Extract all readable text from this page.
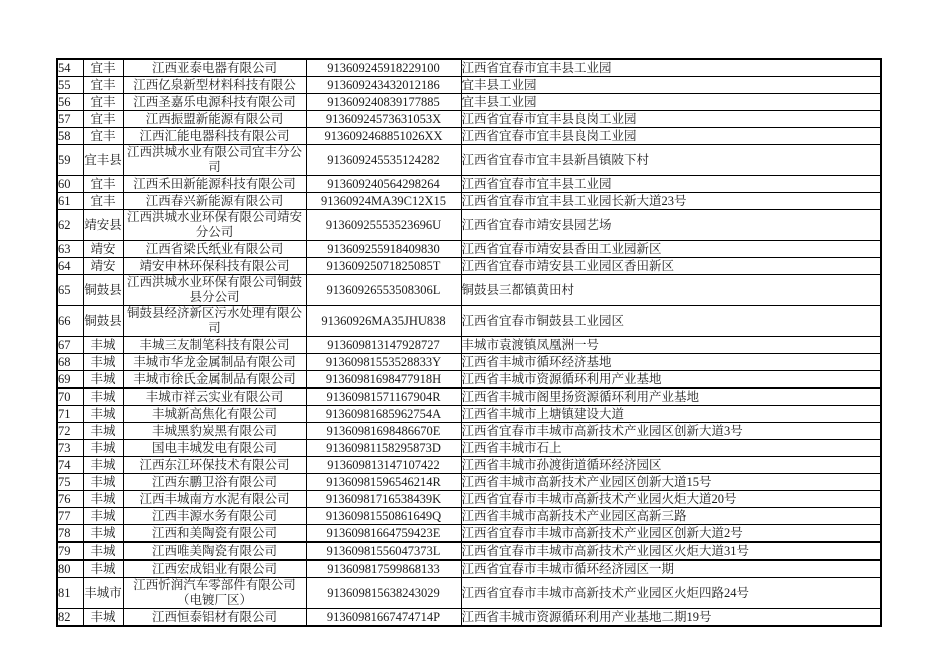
54	宜丰	江西亚泰电器有限公司	913609245918229100	江西省宜春市宜丰县工业园
55	宜丰	江西亿泉新型材料科技有限公	913609243432012186	宜丰县工业园
56	宜丰	江西圣嘉乐电源科技有限公司	913609240839177885	宜丰县工业园
57	宜丰	江西振盟新能源有限公司	91360924573631053X	江西省宜春市宜丰县良岗工业园
58	宜丰	江西汇能电器科技有限公司	9136092468851026XX	江西省宜春市宜丰县良岗工业园
59	宜丰县	江西洪城水业有限公司宜丰分公司	913609245535124282	江西省宜春市宜丰县新昌镇陂下村
60	宜丰	江西禾田新能源科技有限公司	913609240564298264	江西省宜春市宜丰县工业园
61	宜丰	江西春兴新能源有限公司	91360924MA39C12X15	江西省宜春市宜丰县工业园长新大道23号
62	靖安县	江西洪城水业环保有限公司靖安分公司	91360925553523696U	江西省宜春市靖安县园艺场
63	靖安	江西省梁氏纸业有限公司	913609255918409830	江西省宜春市靖安县香田工业园新区
64	靖安	靖安申林环保科技有限公司	91360925071825085T	江西省宜春市靖安县工业园区香田新区
65	铜鼓县	江西洪城水业环保有限公司铜鼓县分公司	91360926553508306L	铜鼓县三都镇黄田村
66	铜鼓县	铜鼓县经济新区污水处理有限公司	91360926MA35JHU838	江西省宜春市铜鼓县工业园区
67	丰城	丰城三友制笔科技有限公司	913609813147928727	丰城市袁渡镇凤凰洲一号
68	丰城	丰城市华龙金属制品有限公司	91360981553528833Y	江西省丰城市循环经济基地
69	丰城	丰城市徐氏金属制品有限公司	91360981698477918H	江西省丰城市资源循环利用产业基地
70	丰城	丰城市祥云实业有限公司	91360981571167904R	江西省丰城市阁里扬资源循环利用产业基地
71	丰城	丰城新高焦化有限公司	91360981685962754A	江西省丰城市上塘镇建设大道
72	丰城	丰城黑豹炭黑有限公司	91360981698486670E	江西省宜春市丰城市高新技术产业园区创新大道3号
73	丰城	国电丰城发电有限公司	91360981158295873D	江西省丰城市石上
74	丰城	江西东江环保技术有限公司	913609813147107422	江西省丰城市孙渡街道循环经济园区
75	丰城	江西东鹏卫浴有限公司	91360981596546214R	江西省丰城市高新技术产业园区创新大道15号
76	丰城	江西丰城南方水泥有限公司	91360981716538439K	江西省宜春市丰城市高新技术产业园火炬大道20号
77	丰城	江西丰源水务有限公司	91360981550861649Q	江西省丰城市高新技术产业园区高新三路
78	丰城	江西和美陶瓷有限公司	91360981664759423E	江西省宜春市丰城市高新技术产业园区创新大道2号
79	丰城	江西唯美陶瓷有限公司	91360981556047373L	江西省宜春市丰城市高新技术产业园区火炬大道31号
80	丰城	江西宏成铝业有限公司	913609817599868133	江西省宜春市丰城市循环经济园区一期
81	丰城市	江西忻润汽车零部件有限公司（电镀厂区）	913609815638243029	江西省宜春市丰城市高新技术产业园区火炬四路24号
82	丰城	江西恒泰铝材有限公司	91360981667474714P	江西省丰城市资源循环利用产业基地二期19号
